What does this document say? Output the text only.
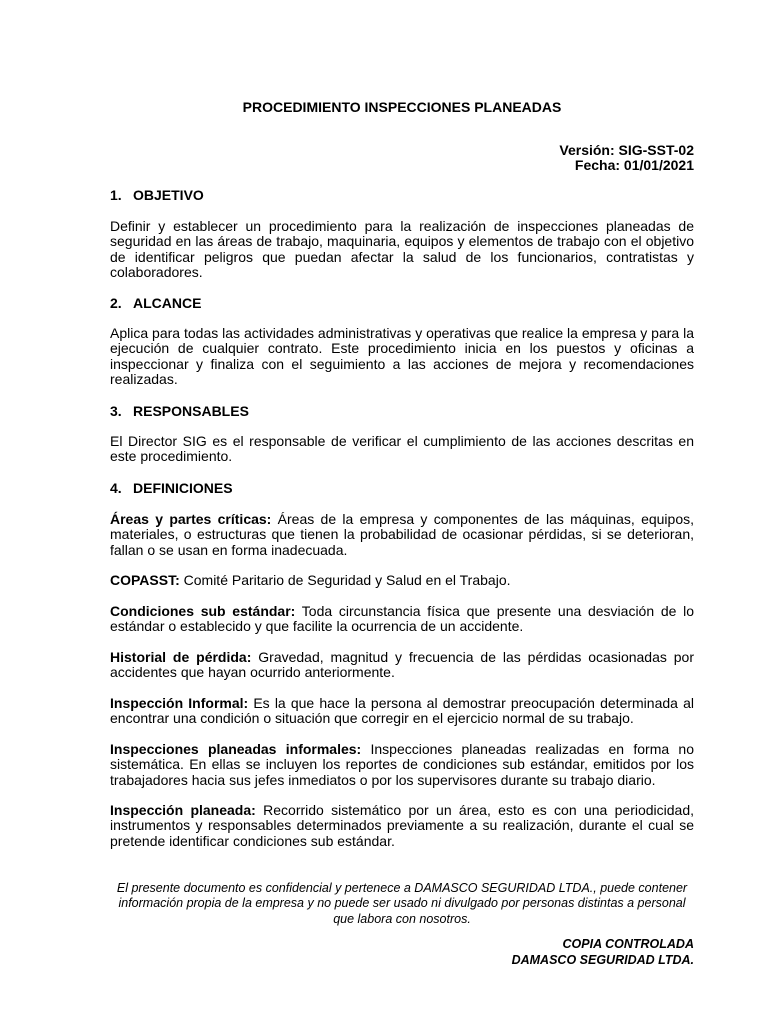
PROCEDIMIENTO INSPECCIONES PLANEADAS
Versión: SIG-SST-02
Fecha: 01/01/2021
1. OBJETIVO
Definir y establecer un procedimiento para la realización de inspecciones planeadas de seguridad en las áreas de trabajo, maquinaria, equipos y elementos de trabajo con el objetivo de identificar peligros que puedan afectar la salud de los funcionarios, contratistas y colaboradores.
2. ALCANCE
Aplica para todas las actividades administrativas y operativas que realice la empresa y para la ejecución de cualquier contrato. Este procedimiento inicia en los puestos y oficinas a inspeccionar y finaliza con el seguimiento a las acciones de mejora y recomendaciones realizadas.
3. RESPONSABLES
El Director SIG es el responsable de verificar el cumplimiento de las acciones descritas en este procedimiento.
4. DEFINICIONES
Áreas y partes críticas: Áreas de la empresa y componentes de las máquinas, equipos, materiales, o estructuras que tienen la probabilidad de ocasionar pérdidas, si se deterioran, fallan o se usan en forma inadecuada.
COPASST: Comité Paritario de Seguridad y Salud en el Trabajo.
Condiciones sub estándar: Toda circunstancia física que presente una desviación de lo estándar o establecido y que facilite la ocurrencia de un accidente.
Historial de pérdida: Gravedad, magnitud y frecuencia de las pérdidas ocasionadas por accidentes que hayan ocurrido anteriormente.
Inspección Informal: Es la que hace la persona al demostrar preocupación determinada al encontrar una condición o situación que corregir en el ejercicio normal de su trabajo.
Inspecciones planeadas informales: Inspecciones planeadas realizadas en forma no sistemática. En ellas se incluyen los reportes de condiciones sub estándar, emitidos por los trabajadores hacia sus jefes inmediatos o por los supervisores durante su trabajo diario.
Inspección planeada: Recorrido sistemático por un área, esto es con una periodicidad, instrumentos y responsables determinados previamente a su realización, durante el cual se pretende identificar condiciones sub estándar.
El presente documento es confidencial y pertenece a DAMASCO SEGURIDAD LTDA., puede contener información propia de la empresa y no puede ser usado ni divulgado por personas distintas a personal que labora con nosotros.
COPIA CONTROLADA
DAMASCO SEGURIDAD LTDA.
